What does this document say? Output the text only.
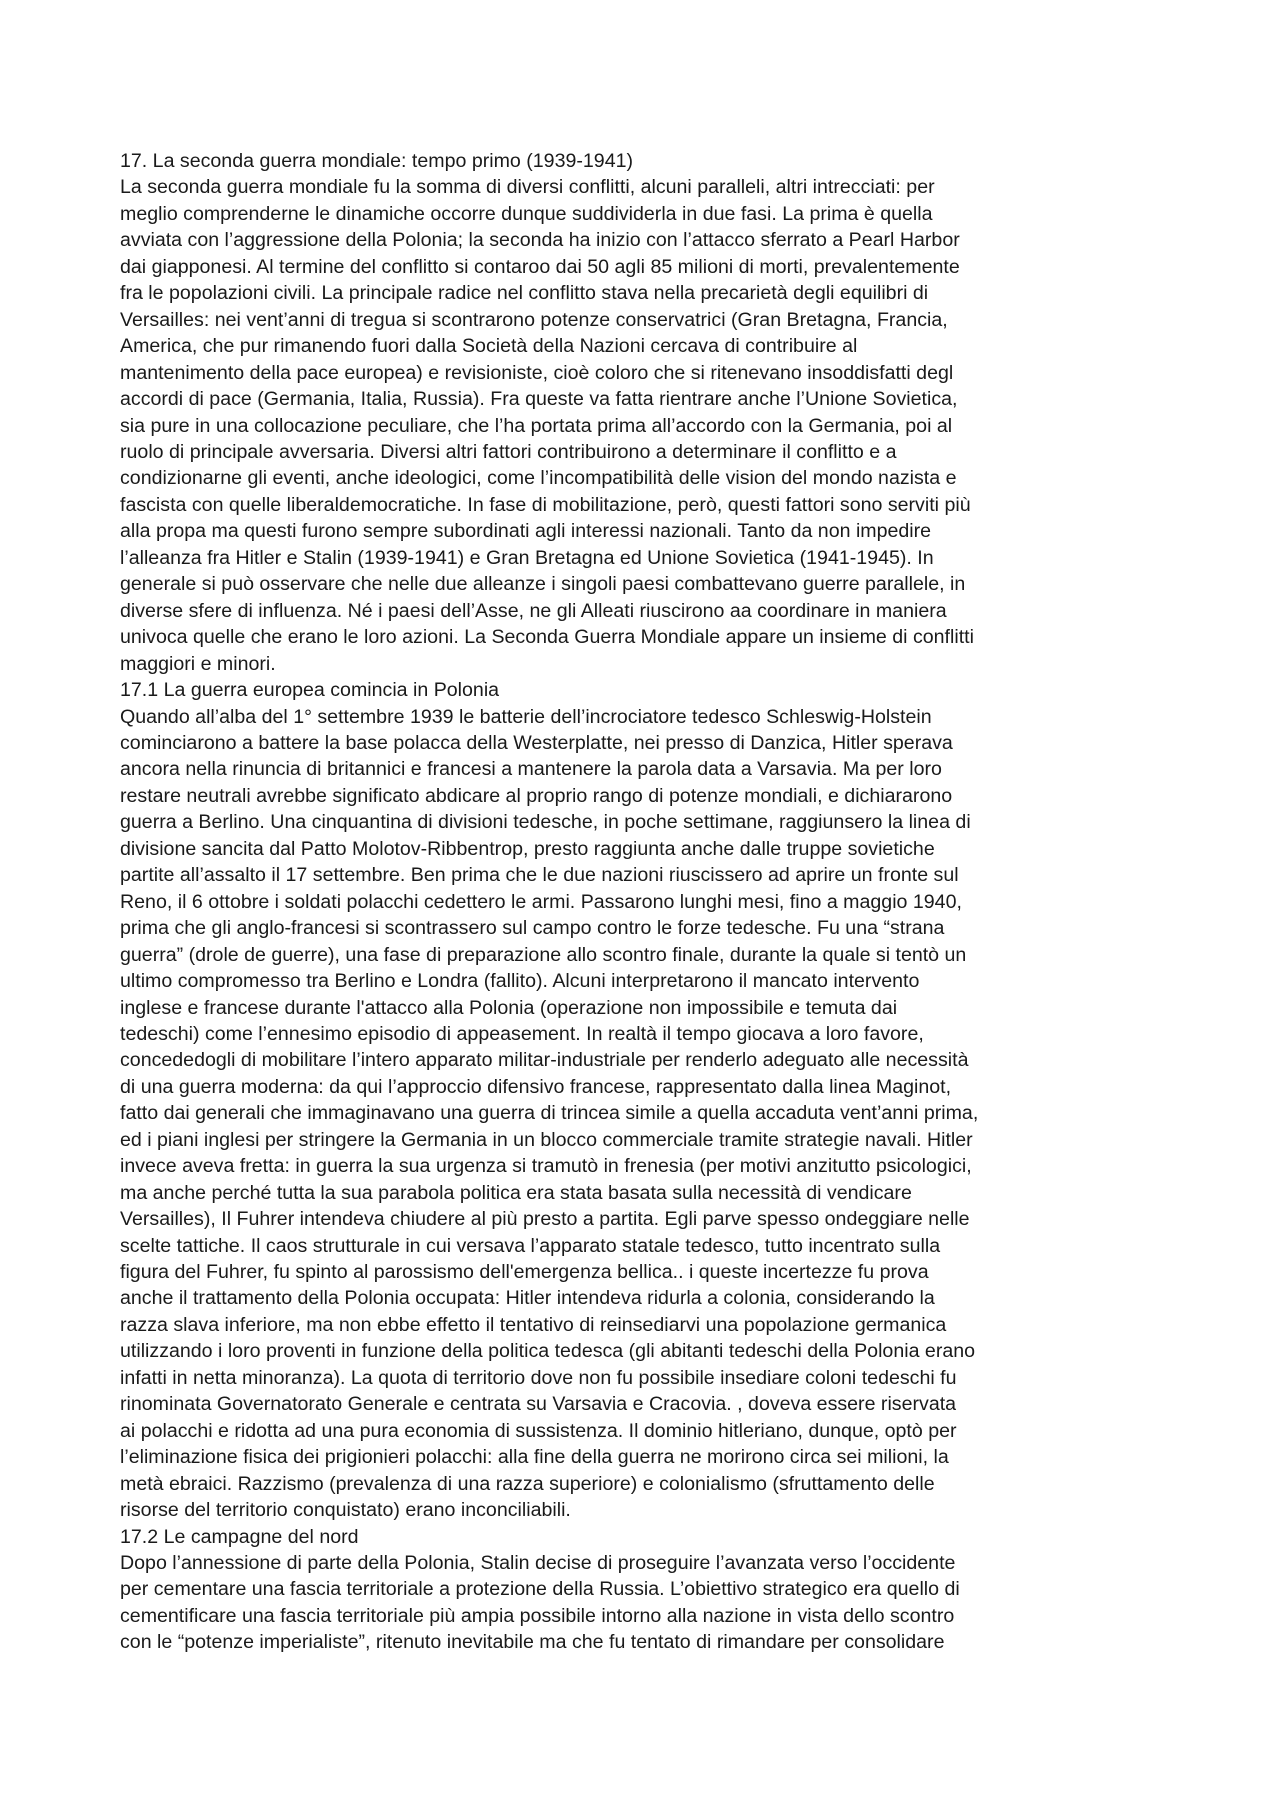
17. La seconda guerra mondiale: tempo primo (1939-1941)

La seconda guerra mondiale fu la somma di diversi conflitti, alcuni paralleli, altri intrecciati: per
meglio comprenderne le dinamiche occorre dunque suddividerla in due fasi. La prima è quella
avviata con l’aggressione della Polonia; la seconda ha inizio con l’attacco sferrato a Pearl Harbor
dai giapponesi. Al termine del conflitto si contaroo dai 50 agli 85 milioni di morti, prevalentemente
fra le popolazioni civili. La principale radice nel conflitto stava nella precarietà degli equilibri di
Versailles: nei vent’anni di tregua si scontrarono potenze conservatrici (Gran Bretagna, Francia,
America, che pur rimanendo fuori dalla Società della Nazioni cercava di contribuire al
mantenimento della pace europea) e revisioniste, cioè coloro che si ritenevano insoddisfatti degl
accordi di pace (Germania, Italia, Russia). Fra queste va fatta rientrare anche l’Unione Sovietica,
sia pure in una collocazione peculiare, che l’ha portata prima all’accordo con la Germania, poi al
ruolo di principale avversaria. Diversi altri fattori contribuirono a determinare il conflitto e a
condizionarne gli eventi, anche ideologici, come l’incompatibilità delle vision del mondo nazista e
fascista con quelle liberaldemocratiche. In fase di mobilitazione, però, questi fattori sono serviti più
alla propa ma questi furono sempre subordinati agli interessi nazionali. Tanto da non impedire
l’alleanza fra Hitler e Stalin (1939-1941) e Gran Bretagna ed Unione Sovietica (1941-1945). In
generale si può osservare che nelle due alleanze i singoli paesi combattevano guerre parallele, in
diverse sfere di influenza. Né i paesi dell’Asse, ne gli Alleati riuscirono aa coordinare in maniera
univoca quelle che erano le loro azioni. La Seconda Guerra Mondiale appare un insieme di conflitti
maggiori e minori.

17.1 La guerra europea comincia in Polonia

Quando all’alba del 1° settembre 1939 le batterie dell’incrociatore tedesco Schleswig-Holstein
cominciarono a battere la base polacca della Westerplatte, nei presso di Danzica, Hitler sperava
ancora nella rinuncia di britannici e francesi a mantenere la parola data a Varsavia. Ma per loro
restare neutrali avrebbe significato abdicare al proprio rango di potenze mondiali, e dichiararono
guerra a Berlino. Una cinquantina di divisioni tedesche, in poche settimane, raggiunsero la linea di
divisione sancita dal Patto Molotov-Ribbentrop, presto raggiunta anche dalle truppe sovietiche
partite all’assalto il 17 settembre. Ben prima che le due nazioni riuscissero ad aprire un fronte sul
Reno, il 6 ottobre i soldati polacchi cedettero le armi. Passarono lunghi mesi, fino a maggio 1940,
prima che gli anglo-francesi si scontrassero sul campo contro le forze tedesche. Fu una “strana
guerra” (drole de guerre), una fase di preparazione allo scontro finale, durante la quale si tentò un
ultimo compromesso tra Berlino e Londra (fallito). Alcuni interpretarono il mancato intervento
inglese e francese durante l'attacco alla Polonia (operazione non impossibile e temuta dai
tedeschi) come l’ennesimo episodio di appeasement. In realtà il tempo giocava a loro favore,
concededogli di mobilitare l’intero apparato militar-industriale per renderlo adeguato alle necessità
di una guerra moderna: da qui l’approccio difensivo francese, rappresentato dalla linea Maginot,
fatto dai generali che immaginavano una guerra di trincea simile a quella accaduta vent’anni prima,
ed i piani inglesi per stringere la Germania in un blocco commerciale tramite strategie navali. Hitler
invece aveva fretta: in guerra la sua urgenza si tramutò in frenesia (per motivi anzitutto psicologici,
ma anche perché tutta la sua parabola politica era stata basata sulla necessità di vendicare
Versailles), Il Fuhrer intendeva chiudere al più presto a partita. Egli parve spesso ondeggiare nelle
scelte tattiche. Il caos strutturale in cui versava l’apparato statale tedesco, tutto incentrato sulla
figura del Fuhrer, fu spinto al parossismo dell'emergenza bellica.. i queste incertezze fu prova
anche il trattamento della Polonia occupata: Hitler intendeva ridurla a colonia, considerando la
razza slava inferiore, ma non ebbe effetto il tentativo di reinsediarvi una popolazione germanica
utilizzando i loro proventi in funzione della politica tedesca (gli abitanti tedeschi della Polonia erano
infatti in netta minoranza). La quota di territorio dove non fu possibile insediare coloni tedeschi fu
rinominata Governatorato Generale e centrata su Varsavia e Cracovia. , doveva essere riservata
ai polacchi e ridotta ad una pura economia di sussistenza. Il dominio hitleriano, dunque, optò per
l’eliminazione fisica dei prigionieri polacchi: alla fine della guerra ne morirono circa sei milioni, la
metà ebraici. Razzismo (prevalenza di una razza superiore) e colonialismo (sfruttamento delle
risorse del territorio conquistato) erano inconciliabili.

17.2 Le campagne del nord

Dopo l’annessione di parte della Polonia, Stalin decise di proseguire l’avanzata verso l’occidente
per cementare una fascia territoriale a protezione della Russia. L’obiettivo strategico era quello di
cementificare una fascia territoriale più ampia possibile intorno alla nazione in vista dello scontro
con le “potenze imperialiste”, ritenuto inevitabile ma che fu tentato di rimandare per consolidare
